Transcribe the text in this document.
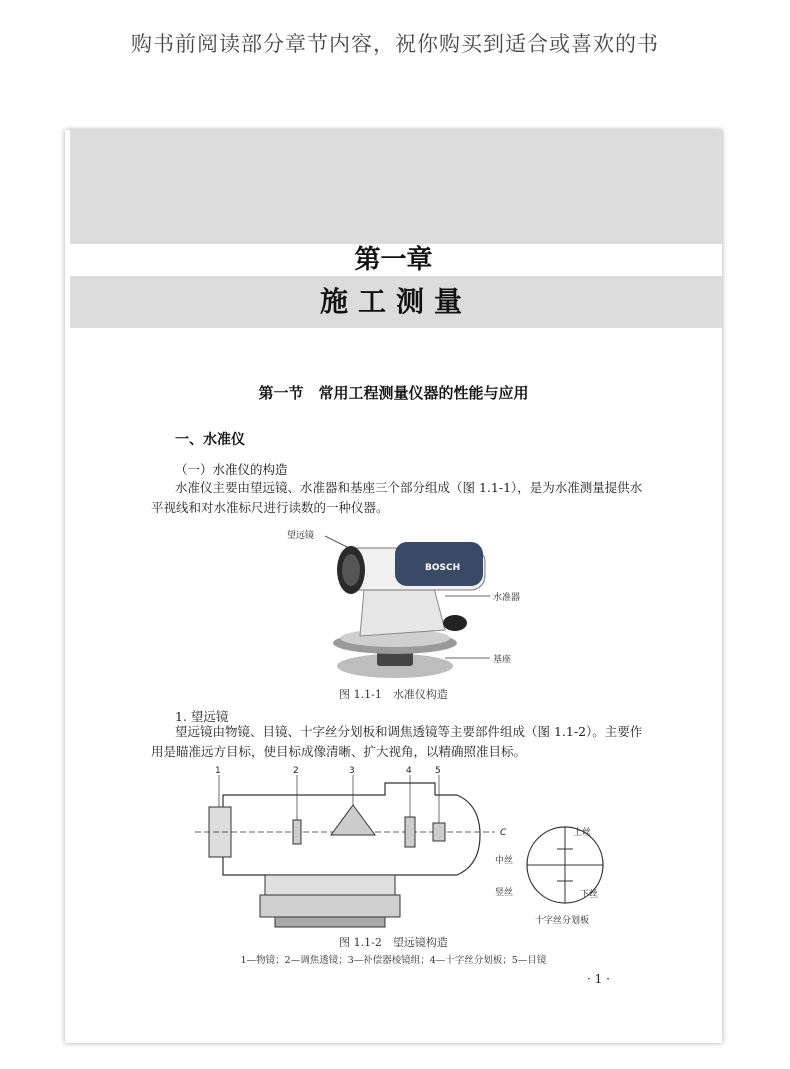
购书前阅读部分章节内容，祝你购买到适合或喜欢的书
第一章
施工测量
第一节　常用工程测量仪器的性能与应用
一、水准仪
（一）水准仪的构造
水准仪主要由望远镜、水准器和基座三个部分组成（图 1.1-1），是为水准测量提供水平视线和对水准标尺进行读数的一种仪器。
BOSCH
望远镜
水准器
基座
图 1.1-1　水准仪构造
1. 望远镜
望远镜由物镜、目镜、十字丝分划板和调焦透镜等主要部件组成（图 1.1-2）。主要作用是瞄准远方目标，使目标成像清晰、扩大视角，以精确照准目标。
1	2	3	4	5
C	上丝
中丝
竖丝	下丝
十字丝分划板
图 1.1-2　望远镜构造
1—物镜；2—调焦透镜；3—补偿器棱镜组；4—十字丝分划板；5—目镜
· 1 ·
